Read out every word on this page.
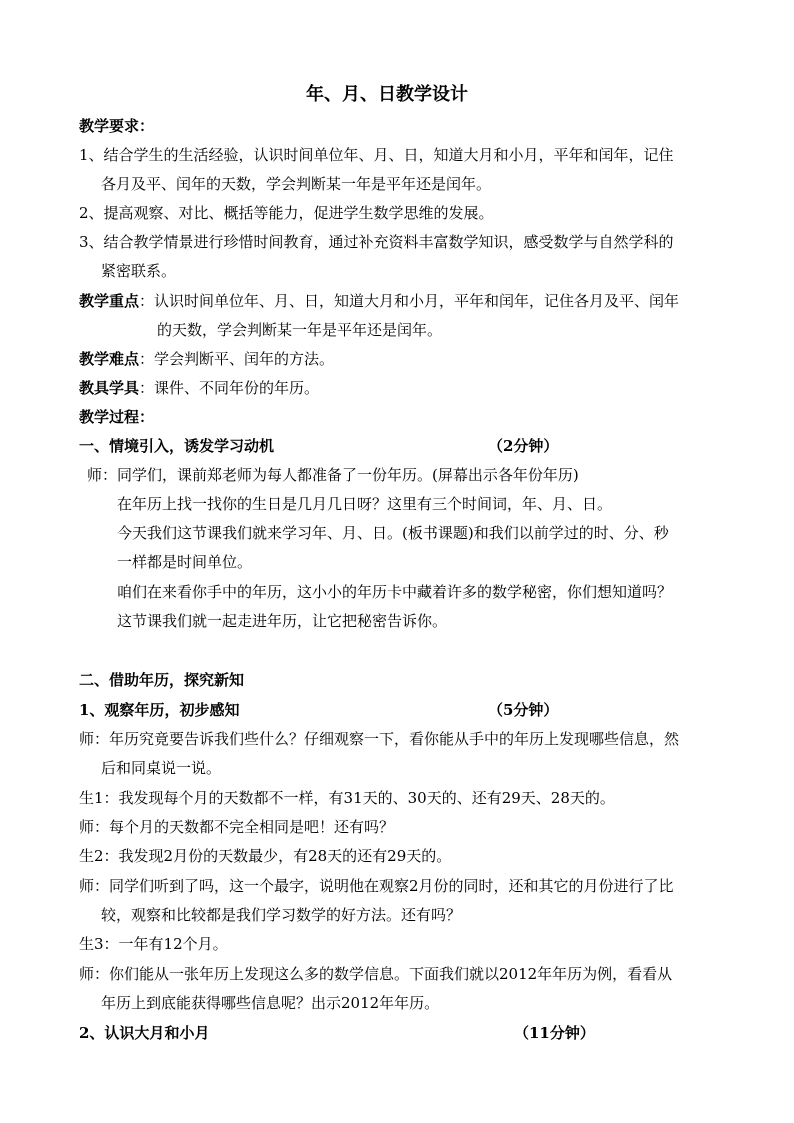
年、月、日教学设计
教学要求：
1、结合学生的生活经验，认识时间单位年、月、日，知道大月和小月，平年和闰年，记住
各月及平、闰年的天数，学会判断某一年是平年还是闰年。
2、提高观察、对比、概括等能力，促进学生数学思维的发展。
3、结合教学情景进行珍惜时间教育，通过补充资料丰富数学知识，感受数学与自然学科的
紧密联系。
教学重点：认识时间单位年、月、日，知道大月和小月，平年和闰年，记住各月及平、闰年
的天数，学会判断某一年是平年还是闰年。
教学难点：学会判断平、闰年的方法。
教具学具：课件、不同年份的年历。
教学过程：
一、情境引入，诱发学习动机	（2分钟）
师：同学们，课前郑老师为每人都准备了一份年历。(屏幕出示各年份年历)
在年历上找一找你的生日是几月几日呀？这里有三个时间词，年、月、日。
今天我们这节课我们就来学习年、月、日。(板书课题)和我们以前学过的时、分、秒
一样都是时间单位。
咱们在来看你手中的年历，这小小的年历卡中藏着许多的数学秘密，你们想知道吗？
这节课我们就一起走进年历，让它把秘密告诉你。
二、借助年历，探究新知
1、观察年历，初步感知	（5分钟）
师：年历究竟要告诉我们些什么？仔细观察一下，看你能从手中的年历上发现哪些信息，然
后和同桌说一说。
生1：我发现每个月的天数都不一样，有31天的、30天的、还有29天、28天的。
师：每个月的天数都不完全相同是吧！还有吗？
生2：我发现2月份的天数最少，有28天的还有29天的。
师：同学们听到了吗，这一个最字，说明他在观察2月份的同时，还和其它的月份进行了比
较，观察和比较都是我们学习数学的好方法。还有吗？
生3：一年有12个月。
师：你们能从一张年历上发现这么多的数学信息。下面我们就以2012年年历为例，看看从
年历上到底能获得哪些信息呢？出示2012年年历。
2、认识大月和小月	（11分钟）
